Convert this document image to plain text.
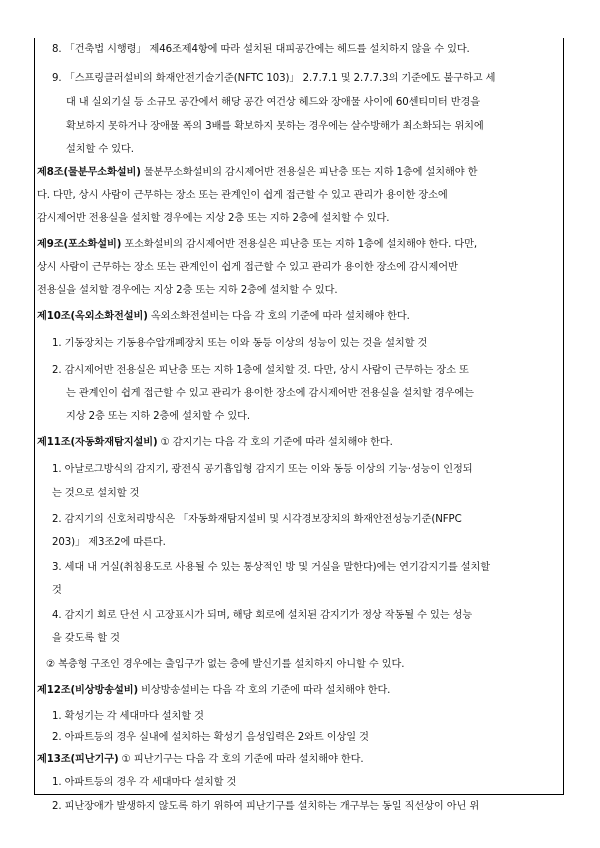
8. 「건축법 시행령」 제46조제4항에 따라 설치된 대피공간에는 헤드를 설치하지 않을 수 있다.
9. 「스프링클러설비의 화재안전기술기준(NFTC 103)」 2.7.7.1 및 2.7.7.3의 기준에도 불구하고 세
대 내 실외기실 등 소규모 공간에서 해당 공간 여건상 헤드와 장애물 사이에 60센티미터 반경을
확보하지 못하거나 장애물 폭의 3배를 확보하지 못하는 경우에는 살수방해가 최소화되는 위치에
설치할 수 있다.
제8조(물분무소화설비) 물분무소화설비의 감시제어반 전용실은 피난층 또는 지하 1층에 설치해야 한
다. 다만, 상시 사람이 근무하는 장소 또는 관계인이 쉽게 접근할 수 있고 관리가 용이한 장소에
감시제어반 전용실을 설치할 경우에는 지상 2층 또는 지하 2층에 설치할 수 있다.
제9조(포소화설비) 포소화설비의 감시제어반 전용실은 피난층 또는 지하 1층에 설치해야 한다. 다만,
상시 사람이 근무하는 장소 또는 관계인이 쉽게 접근할 수 있고 관리가 용이한 장소에 감시제어반
전용실을 설치할 경우에는 지상 2층 또는 지하 2층에 설치할 수 있다.
제10조(옥외소화전설비) 옥외소화전설비는 다음 각 호의 기준에 따라 설치해야 한다.
1. 기동장치는 기동용수압개폐장치 또는 이와 동등 이상의 성능이 있는 것을 설치할 것
2. 감시제어반 전용실은 피난층 또는 지하 1층에 설치할 것. 다만, 상시 사람이 근무하는 장소 또
는 관계인이 쉽게 접근할 수 있고 관리가 용이한 장소에 감시제어반 전용실을 설치할 경우에는
지상 2층 또는 지하 2층에 설치할 수 있다.
제11조(자동화재탐지설비) ① 감지기는 다음 각 호의 기준에 따라 설치해야 한다.
1. 아날로그방식의 감지기, 광전식 공기흡입형 감지기 또는 이와 동등 이상의 기능·성능이 인정되
는 것으로 설치할 것
2. 감지기의 신호처리방식은 「자동화재탐지설비 및 시각경보장치의 화재안전성능기준(NFPC
203)」 제3조2에 따른다.
3. 세대 내 거실(취침용도로 사용될 수 있는 통상적인 방 및 거실을 말한다)에는 연기감지기를 설치할
것
4. 감지기 회로 단선 시 고장표시가 되며, 해당 회로에 설치된 감지기가 정상 작동될 수 있는 성능
을 갖도록 할 것
② 복층형 구조인 경우에는 출입구가 없는 층에 발신기를 설치하지 아니할 수 있다.
제12조(비상방송설비) 비상방송설비는 다음 각 호의 기준에 따라 설치해야 한다.
1. 확성기는 각 세대마다 설치할 것
2. 아파트등의 경우 실내에 설치하는 확성기 음성입력은 2와트 이상일 것
제13조(피난기구) ① 피난기구는 다음 각 호의 기준에 따라 설치해야 한다.
1. 아파트등의 경우 각 세대마다 설치할 것
2. 피난장애가 발생하지 않도록 하기 위하여 피난기구를 설치하는 개구부는 동일 직선상이 아닌 위
